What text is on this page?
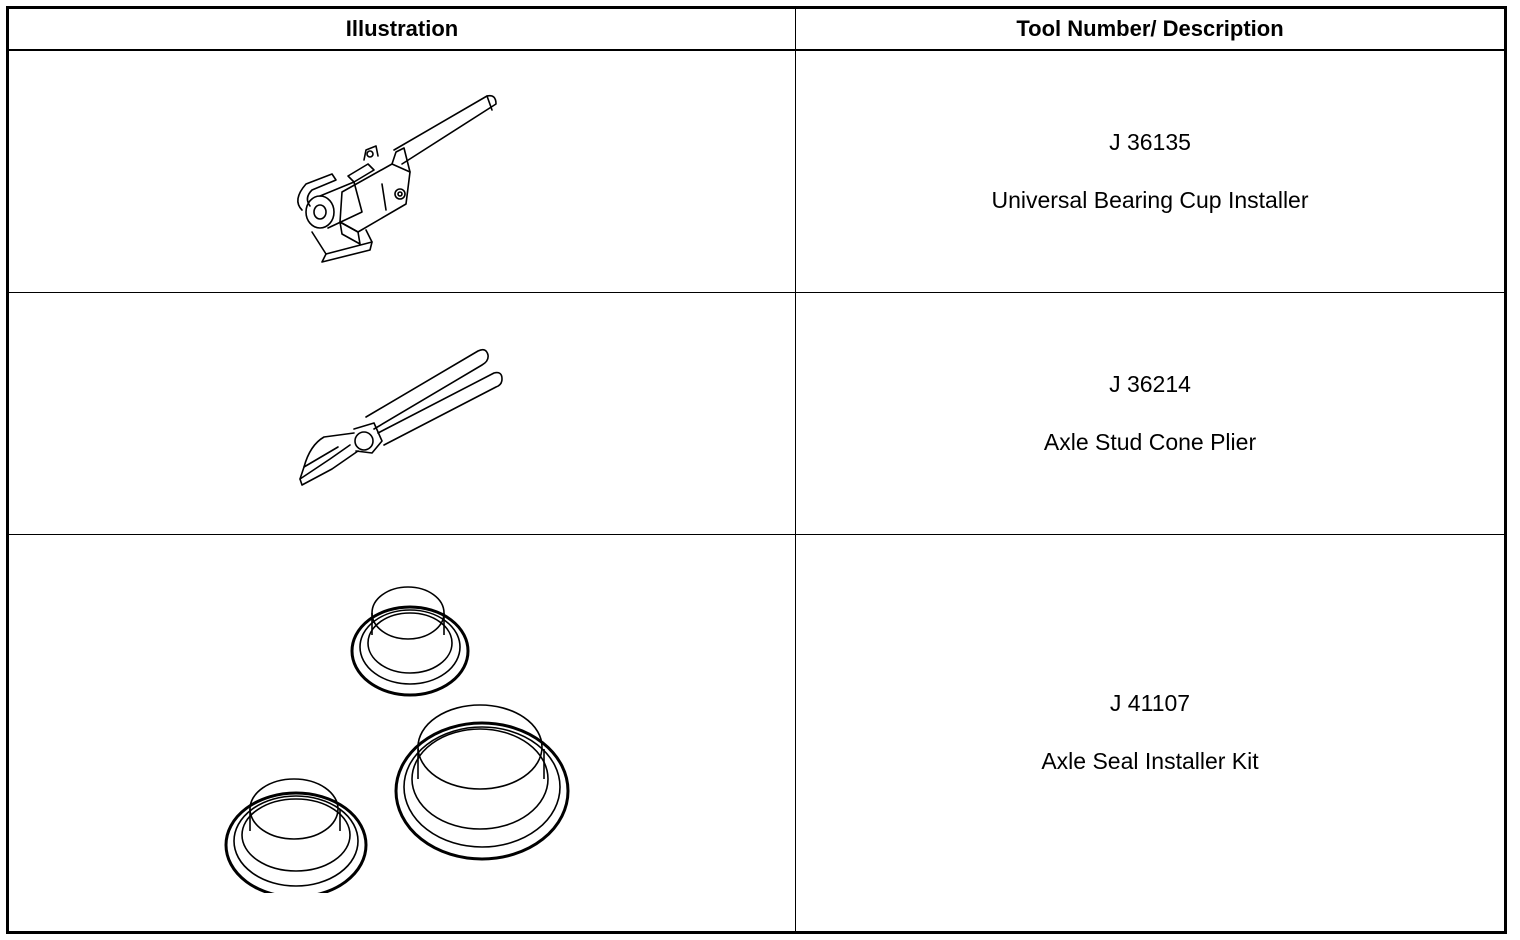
Illustration	Tool Number/ Description

J 36135
Universal Bearing Cup Installer

J 36214
Axle Stud Cone Plier

J 41107
Axle Seal Installer Kit
